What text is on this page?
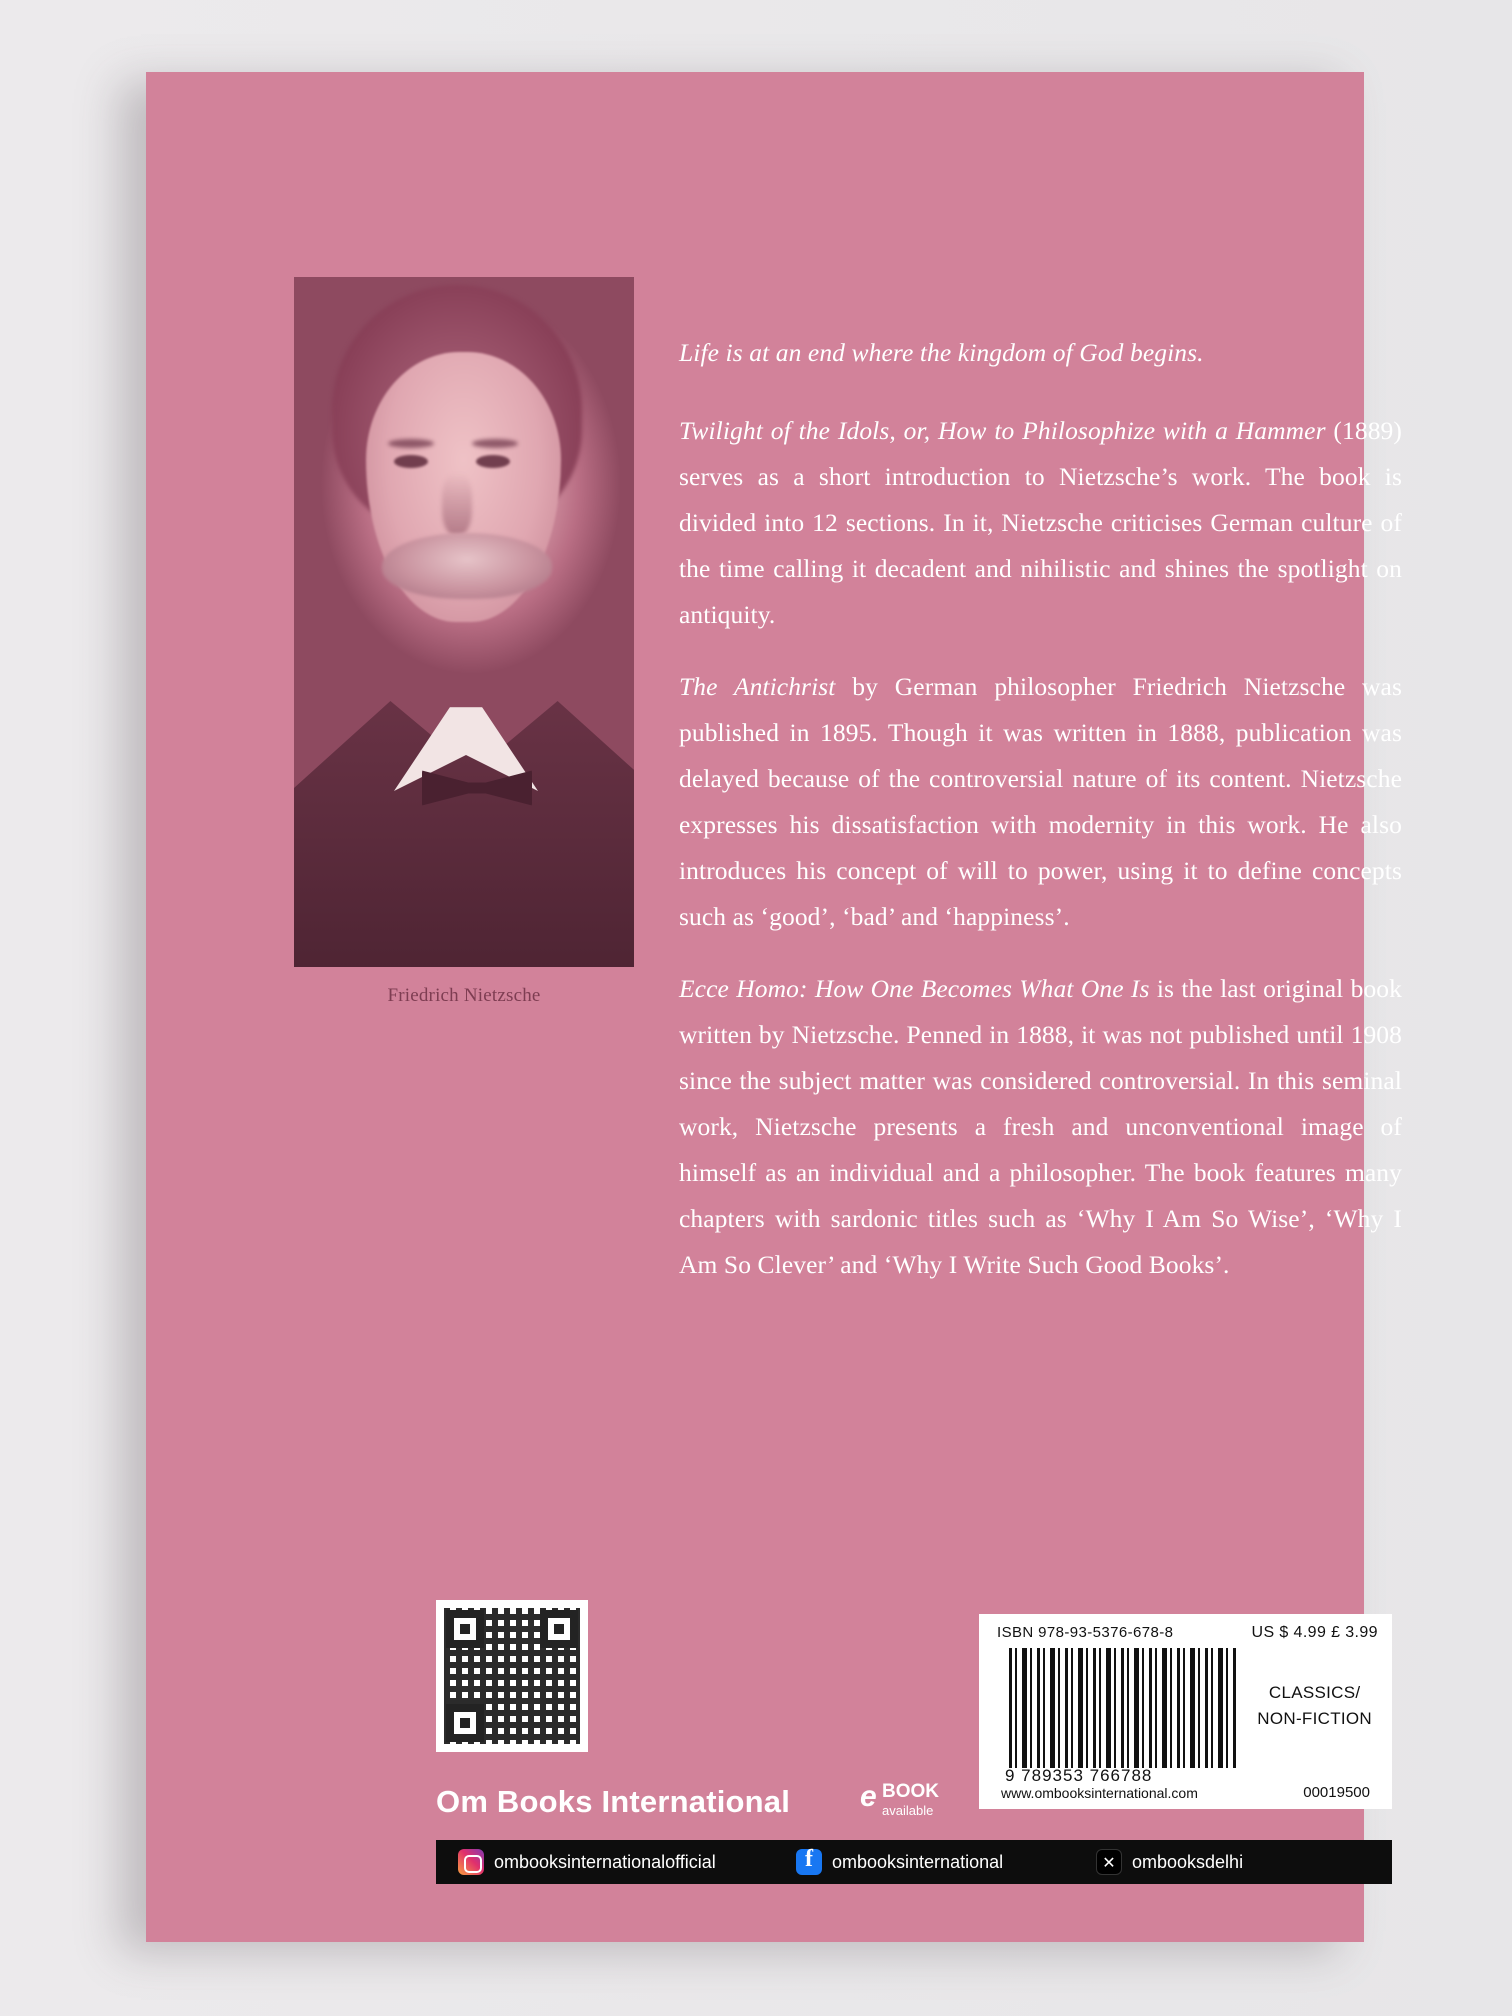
Friedrich Nietzsche

Life is at an end where the kingdom of God begins.

Twilight of the Idols, or, How to Philosophize with a Hammer (1889) serves as a short introduction to Nietzsche’s work. The book is divided into 12 sections. In it, Nietzsche criticises German culture of the time calling it decadent and nihilistic and shines the spotlight on antiquity.

The Antichrist by German philosopher Friedrich Nietzsche was published in 1895. Though it was written in 1888, publication was delayed because of the controversial nature of its content. Nietzsche expresses his dissatisfaction with modernity in this work. He also introduces his concept of will to power, using it to define concepts such as ‘good’, ‘bad’ and ‘happiness’.

Ecce Homo: How One Becomes What One Is is the last original book written by Nietzsche. Penned in 1888, it was not published until 1908 since the subject matter was considered controversial. In this seminal work, Nietzsche presents a fresh and unconventional image of himself as an individual and a philosopher. The book features many chapters with sardonic titles such as ‘Why I Am So Wise’, ‘Why I Am So Clever’ and ‘Why I Write Such Good Books’.

Om Books International e BOOK
available
ISBN 978-93-5376-678-8	US $ 4.99 £ 3.99
9 789353 766788
CLASSICS/
NON-FICTION
www.ombooksinternational.com	00019500
ombooksinternationalofficial f	ombooksinternational ✕	ombooksdelhi
